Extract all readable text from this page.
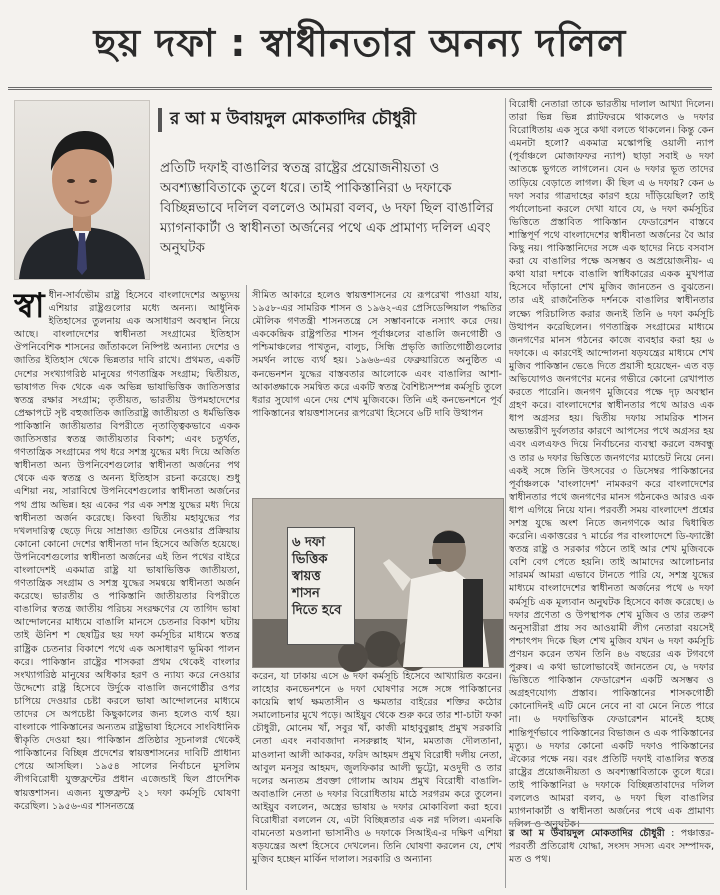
ছয় দফা : স্বাধীনতার অনন্য দলিল
র আ ম উবায়দুল মোকতাদির চৌধুরী
প্রতিটি দফাই বাঙালির স্বতন্ত্র রাষ্ট্রের প্রয়োজনীয়তা ও অবশ্যম্ভাবিতাকে তুলে ধরে। তাই পাকিস্তানিরা ৬ দফাকে বিচ্ছিন্নভাবে দলিল বললেও আমরা বলব, ৬ দফা ছিল বাঙালির ম্যাগনাকার্টা ও স্বাধীনতা অর্জনের পথে এক প্রামাণ্য দলিল এবং অনুঘটক
স্বা ধীন-সার্বভৌম রাষ্ট্র হিসেবে বাংলাদেশের অভ্যুদয় এশিয়ার রাষ্ট্রগুলোর মধ্যে অনন্য। আধুনিক ইতিহাসের তুলনায় এক অসাধারণ অবস্থান নিয়ে আছে। বাংলাদেশের স্বাধীনতা সংগ্রামের ইতিহাস ঔপনিবেশিক শাসনের জাঁতাকলে নিষ্পিষ্ট অন্যান্য দেশের ও জাতির ইতিহাস থেকে ভিন্নতার দাবি রাখে। প্রথমত, একটি দেশের সংখ্যাগরিষ্ঠ মানুষের গণতান্ত্রিক সংগ্রাম; দ্বিতীয়ত, ভাষাগত দিক থেকে এক অভিন্ন ভাষাভিত্তিক জাতিসত্তার স্বতন্ত্র রক্ষার সংগ্রাম; তৃতীয়ত, ভারতীয় উপমহাদেশের প্রেক্ষাপটে সৃষ্ট বহুজাতিক জাতিরাষ্ট্র জাতীয়তা ও ধর্মভিত্তিক পাকিস্তানি জাতীয়তার বিপরীতে নৃতাত্ত্বিকভাবে একক জাতিসত্তার স্বতন্ত্র জাতীয়তার বিকাশ; এবং চতুর্থত, গণতান্ত্রিক সংগ্রামের পথ ধরে সশস্ত্র যুদ্ধের মধ্য দিয়ে অর্জিত স্বাধীনতা অন্য উপনিবেশগুলোর স্বাধীনতা অর্জনের পথ থেকে এক স্বতন্ত্র ও অনন্য ইতিহাস রচনা করেছে। শুধু এশিয়া নয়, সারাবিশ্বে উপনিবেশগুলোর স্বাধীনতা অর্জনের পথ প্রায় অভিন্ন। হয় একের পর এক সশস্ত্র যুদ্ধের মধ্য দিয়ে স্বাধীনতা অর্জন করেছে। কিংবা দ্বিতীয় মহাযুদ্ধের পর দখলদারিত্ব ছেড়ে দিয়ে সাম্রাজ্য গুটিয়ে নেওয়ার প্রক্রিয়ায় কোনো কোনো দেশের স্বাধীনতা দান হিসেবে অর্জিত হয়েছে। উপনিবেশগুলোর স্বাধীনতা অর্জনের এই তিন পথের বাইরে বাংলাদেশই একমাত্র রাষ্ট্র যা ভাষাভিত্তিক জাতীয়তা, গণতান্ত্রিক সংগ্রাম ও সশস্ত্র যুদ্ধের সমন্বয়ে স্বাধীনতা অর্জন করেছে। ভারতীয় ও পাকিস্তানি জাতীয়তার বিপরীতে বাঙালির স্বতন্ত্র জাতীয় পরিচয় সংরক্ষণের যে তাগিদ ভাষা আন্দোলনের মাধ্যমে বাঙালি মানসে চেতনার বিকাশ ঘটায় তাই ঊনিশ শ ছেষট্টির ছয় দফা কর্মসূচির মাধ্যমে স্বতন্ত্র রাষ্ট্রিক চেতনার বিকাশে পথে এক অসাধারণ ভূমিকা পালন করে। পাকিস্তান রাষ্ট্রের শাসকরা প্রথম থেকেই বাংলার সংখ্যাগরিষ্ঠ মানুষের অধিকার হরণ ও ন্যায্য করে নেওয়ার উদ্দেশ্যে রাষ্ট্র হিসেবে উর্দুকে বাঙালি জনগোষ্ঠীর ওপর চাপিয়ে দেওয়ার চেষ্টা করলে ভাষা আন্দোলনের মাধ্যমে তাদের সে অপচেষ্টা কিছুকালের জন্য হলেও ব্যর্থ হয়। বাংলাকে পাকিস্তানের অন্যতম রাষ্ট্রভাষা হিসেবে সাংবিধানিক স্বীকৃতি দেওয়া হয়। পাকিস্তান প্রতিষ্ঠার সূচনালগ্ন থেকেই পাকিস্তানের বিচ্ছিন্ন প্রদেশের স্বায়ত্তশাসনের দাবিটি প্রাধান্য পেয়ে আসছিল। ১৯৫৪ সালের নির্বাচনে মুসলিম লীগবিরোধী যুক্তফ্রন্টের প্রধান এজেন্ডাই ছিল প্রাদেশিক স্বায়ত্তশাসন। এজন্য যুক্তফ্রন্ট ২১ দফা কর্মসূচি ঘোষণা করেছিল। ১৯৫৬-এর শাসনতন্ত্রে

সীমিত আকারে হলেও স্বায়ত্তশাসনের যে রূপরেখা পাওয়া যায়, ১৯৫৮-এর সামরিক শাসন ও ১৯৬২-এর প্রেসিডেন্সিয়াল পদ্ধতির মৌলিক গণতন্ত্রী শাসনতন্ত্রে সে সম্ভাবনাকে নস্যাৎ করে দেয়। এককেন্দ্রিক রাষ্ট্রপতির শাসন পূর্বাঞ্চলের বাঙালি জনগোষ্ঠী ও পশ্চিমাঞ্চলের পাখতুন, বালুচ, সিন্ধি প্রভৃতি জাতিগোষ্ঠীগুলোর সমর্থন লাভে ব্যর্থ হয়। ১৯৬৬-এর ফেব্রুয়ারিতে অনুষ্ঠিত এ কনভেনশন যুদ্ধের বাস্তবতার আলোকে এবং বাঙালির আশা-আকাঙ্ক্ষাকে সমন্বিত করে একটি স্বতন্ত্র বৈশিষ্ট্যসম্পন্ন কর্মসূচি তুলে ধরার সুযোগ এনে দেয় শেখ মুজিবকে। তিনি এই কনভেনশনে পূর্ব পাকিস্তানের স্বায়ত্তশাসনের রূপরেখা হিসেবে ৬টি দাবি উত্থাপন

৬ দফা
ভিত্তিক
স্বায়ত্ত
শাসন
দিতে হবে

করেন, যা ঢাকায় এসে ৬ দফা কর্মসূচি হিসেবে আখ্যায়িত করেন। লাহোর কনভেনশনে ৬ দফা ঘোষণার সঙ্গে সঙ্গে পাকিস্তানের কায়েমি স্বার্থ ক্ষমতাসীন ও ক্ষমতার বাইরের শক্তির কঠোর সমালোচনার মুখে পড়ে। আইয়ুব থেকে শুরু করে তার শা-চাটা ফকা চৌধুরী, মোনেম খাঁ, সবুর খাঁ, কাজী মাহাবুবুল্লাহ প্রমুখ সরকারি নেতা এবং নবাবজাদা নসরুল্লাহ খান, মমতাজ দৌলতানা, মাওলানা আলী আকবর, ফরিদ আহমদ প্রমুখ বিরোধী দলীয় নেতা, আবুল মনসুর আহমদ, জুলফিকার আলী ভুট্টো, মওদুদী ও তার দলের অন্যতম প্রবক্তা গোলাম আযম প্রমুখ বিরোধী বাঙালি-অবাঙালি নেতা ৬ দফার বিরোধিতায় মাঠে সরগরম করে তুলেন। আইয়ুব বললেন, অস্ত্রের ভাষায় ৬ দফার মোকাবিলা করা হবে। বিরোধীরা বললেন যে, এটা বিচ্ছিন্নতার এক নগ্ন দলিল। এমনকি বামনেতা মওলানা ভাসানীও ৬ দফাকে সিআইএ-র দক্ষিণ এশিয়া ষড়যন্ত্রের অংশ হিসেবে দেখলেন। তিনি ঘোষণা করলেন যে, শেখ মুজিব হচ্ছেন মার্কিন দালাল। সরকারি ও অন্যান্য

বিরোধী নেতারা তাকে ভারতীয় দালাল আখ্যা দিলেন। তারা ভিন্ন ভিন্ন প্ল্যাটফরমে থাকলেও ৬ দফার বিরোধিতায় এক সুরে কথা বলতে থাকলেন। কিন্তু কেন এমনটা হলো? একমাত্র মস্কোপন্থি ওয়ালী ন্যাপ (পূর্বাঞ্চলে মোজাফফর ন্যাপ) ছাড়া সবাই ৬ দফা আতঙ্কে ভুগতে লাগলেন। যেন ৬ দফার ভূত তাদের তাড়িয়ে বেড়াতে লাগল। কী ছিল এ ৬ দফায়? কেন ৬ দফা সবার গাত্রদাহের কারণ হয়ে দাঁড়িয়েছিল? তাই পর্যালোচনা করলে দেখা যাবে যে, ৬ দফা কর্মসূচির ভিত্তিতে প্রস্তাবিত পাকিস্তান ফেডারেশন বাস্তবে শাস্তিপূর্ণ পথে বাংলাদেশের স্বাধীনতা অর্জনের বৈ আর কিছু নয়। পাকিস্তানিদের সঙ্গে এক ছাদের নিচে বসবাস করা যে বাঙালির পক্ষে অসম্ভব ও অপ্রয়োজনীয়- এ কথা যারা দশকে বাঙালি স্বাধিকারের একক মুখপাত্র হিসেবে দাঁড়ানো শেখ মুজিব জানতেন ও বুঝতেন। তার এই রাজনৈতিক দর্শনকে বাঙালির স্বাধীনতার লক্ষ্যে পরিচালিত করার জন্যই তিনি ৬ দফা কর্মসূচি উত্থাপন করেছিলেন। গণতান্ত্রিক সংগ্রামের মাধ্যমে জনগণের মানস গঠনের কাজে ব্যবহার করা হয় ৬ দফাকে। এ কারণেই আন্দোলনা ষড়যন্ত্রের মাধ্যমে শেখ মুজিব পাকিস্তান ভেঙে দিতে প্রয়াসী হয়েছেন- এত বড় অভিযোগও জনগণের মনের গভীরে কোনো রেখাপাত করতে পারেনি। জনগণ মুজিবের পক্ষে দৃঢ় অবস্থান গ্রহণ করে। বাংলাদেশের স্বাধীনতার পথে আরও এক ধাপ অগ্রসর হয়। দ্বিতীয় দফায় সামরিক শাসন অভ্যন্তরীণ দুর্বলতার কারণে আপসের পথে অগ্রসর হয় এবং এলএফও দিয়ে নির্বাচনের ব্যবস্থা করলে বঙ্গবন্ধু ও তার ৬ দফার ভিত্তিতে জনগণের ম্যান্ডেট নিয়ে নেন। একই সঙ্গে তিনি উৎসবের ৩ ডিসেম্বর পাকিস্তানের পূর্বাঞ্চলকে 'বাংলাদেশ' নামকরণ করে বাংলাদেশের স্বাধীনতার পথে জনগণের মানস গঠনকেও আরও এক ধাপ এগিয়ে নিয়ে যান। পরবর্তী সময় বাংলাদেশ প্রশ্নের সশস্ত্র যুদ্ধে অংশ নিতে জনগণকে আর দ্বিধান্বিত করেনি। একাত্তরের ৭ মার্চের পর বাংলাদেশে ডি-ফ্যাক্টো স্বতন্ত্র রাষ্ট্র ও সরকার গঠনে তাই আর শেখ মুজিবকে বেশি বেগ পেতে হয়নি। তাই আমাদের আলোচনার সারমর্ম আমরা এভাবে টানতে পারি যে, সশস্ত্র যুদ্ধের মাধ্যমে বাংলাদেশের স্বাধীনতা অর্জনের পথে ৬ দফা কর্মসূচি এক মূল্যবান অনুঘটক হিসেবে কাজ করেছে। ৬ দফার প্রণেতা ও উপস্থাপক শেখ মুজিব ও তার তরুণ অনুসারীরা প্রায় সব আওয়ামী লীগ নেতারা বয়সেই পশ্চাৎপদ দিকে ছিল শেখ মুজিব যখন ৬ দফা কর্মসূচি প্রণয়ন করেন তখন তিনি ৪৬ বছরের এক টগবগে পুরুষ। এ কথা ভালোভাবেই জানতেন যে, ৬ দফার ভিত্তিতে পাকিস্তান ফেডারেশন একটি অসম্ভব ও অগ্রহণযোগ্য প্রস্তাব। পাকিস্তানের শাসকগোষ্ঠী কোনোদিনই এটি মেনে নেবে না বা মেনে নিতে পারে না। ৬ দফাভিত্তিক ফেডারেশন মানেই হচ্ছে শান্তিপূর্ণভাবে পাকিস্তানের বিভাজন ও এক পাকিস্তানের মৃত্যু। ৬ দফার কোনো একটি দফাও পাকিস্তানের ঐক্যের পক্ষে নয়। বরং প্রতিটি দফাই বাঙালির স্বতন্ত্র রাষ্ট্রের প্রয়োজনীয়তা ও অবশ্যম্ভাবিতাকে তুলে ধরে। তাই পাকিস্তানিরা ৬ দফাকে বিচ্ছিন্নতাবাদের দলিল বললেও আমরা বলব, ৬ দফা ছিল বাঙালির ম্যাগনাকার্টা ও স্বাধীনতা অর্জনের পথে এক প্রামাণ্য দলিল ও অনুঘটক।

র আ ম উবায়দুল মোকতাদির চৌধুরী : পঞ্চাত্তর-পরবর্তী প্রতিরোধ যোদ্ধা, সংসদ সদস্য এবং সম্পাদক, মত ও পথ।
